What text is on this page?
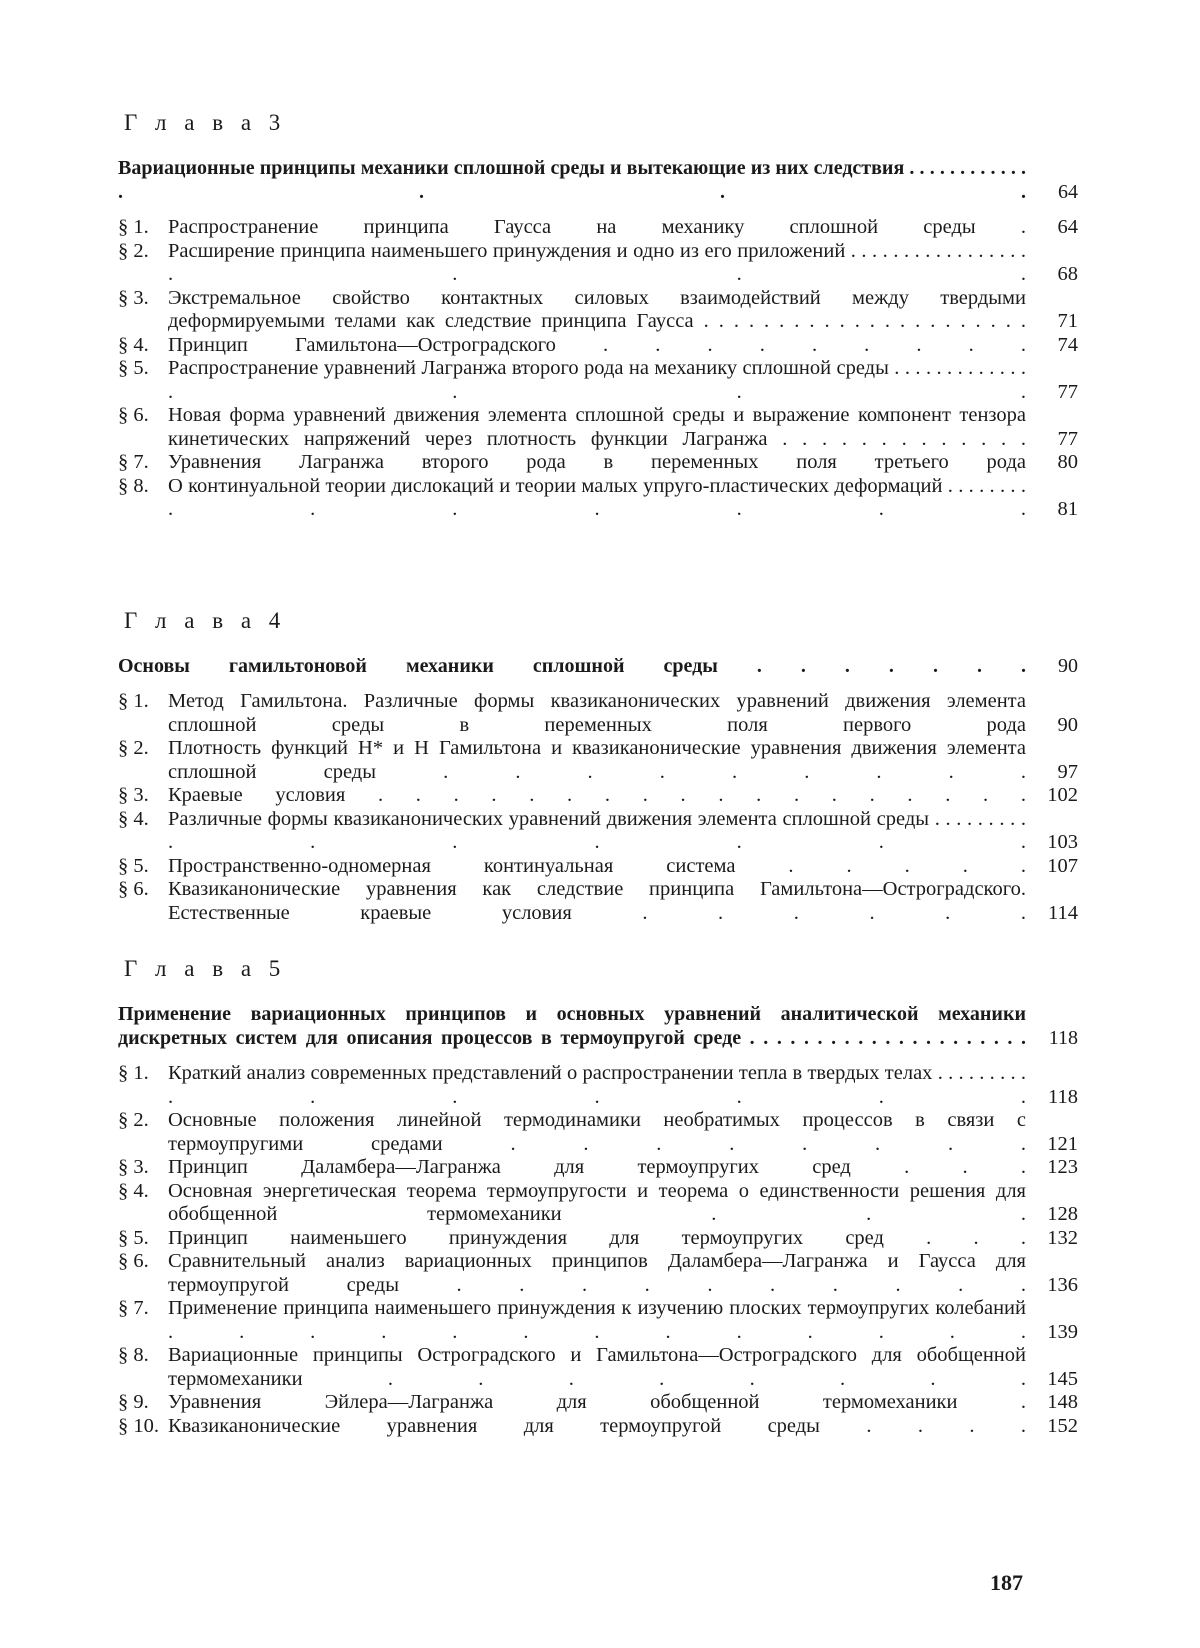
Г л а в а 3
Вариационные принципы механики сплошной среды и вытекающие из них следствия . . . . . . . . . . . . . . . .	64
§ 1. Распространение принципа Гаусса на механику сплошной среды .	64
§ 2. Расширение принципа наименьшего принуждения и одно из его приложений . . . . . . . . . . . . . . . . . . . . .	68
§ 3. Экстремальное свойство контактных силовых взаимодействий между твердыми деформируемыми телами как следствие принципа Гаусса . . . . . . . . . . . . . . . . . . . . . .	71
§ 4. Принцип Гамильтона—Остроградского . . . . . . . . .	74
§ 5. Распространение уравнений Лагранжа второго рода на механику сплошной среды . . . . . . . . . . . . . . . . .	77
§ 6. Новая форма уравнений движения элемента сплошной среды и выражение компонент тензора кинетических напряжений через плотность функции Лагранжа . . . . . . . . . . . . .	77
§ 7. Уравнения Лагранжа второго рода в переменных поля третьего рода	80
§ 8. О континуальной теории дислокаций и теории малых упруго-пластических деформаций . . . . . . . . . . . . . . .	81
Г л а в а 4
Основы гамильтоновой механики сплошной среды . . . . . . .	90
§ 1. Метод Гамильтона. Различные формы квазиканонических уравнений движения элемента сплошной среды в переменных поля первого рода	90
§ 2. Плотность функций H* и H Гамильтона и квазиканонические уравнения движения элемента сплошной среды . . . . . . . . .	97
§ 3. Краевые условия . . . . . . . . . . . . . . . . . .	102
§ 4. Различные формы квазиканонических уравнений движения элемента сплошной среды . . . . . . . . . . . . . . . .	103
§ 5. Пространственно-одномерная континуальная система . . . . .	107
§ 6. Квазиканонические уравнения как следствие принципа Гамильтона—Остроградского. Естественные краевые условия . . . . . .	114
Г л а в а 5
Применение вариационных принципов и основных уравнений аналитической механики дискретных систем для описания процессов в термоупругой среде . . . . . . . . . . . . . . . . . . . . .	118
§ 1. Краткий анализ современных представлений о распространении тепла в твердых телах . . . . . . . . . . . . . . . .	118
§ 2. Основные положения линейной термодинамики необратимых процессов в связи с термоупругими средами . . . . . . . .	121
§ 3. Принцип Даламбера—Лагранжа для термоупругих сред . . .	123
§ 4. Основная энергетическая теорема термоупругости и теорема о единственности решения для обобщенной термомеханики . . .	128
§ 5. Принцип наименьшего принуждения для термоупругих сред . . .	132
§ 6. Сравнительный анализ вариационных принципов Даламбера—Лагранжа и Гаусса для термоупругой среды . . . . . . . . . .	136
§ 7. Применение принципа наименьшего принуждения к изучению плоских термоупругих колебаний . . . . . . . . . . . . .	139
§ 8. Вариационные принципы Остроградского и Гамильтона—Остроградского для обобщенной термомеханики . . . . . . . .	145
§ 9. Уравнения Эйлера—Лагранжа для обобщенной термомеханики .	148
§ 10. Квазиканонические уравнения для термоупругой среды . . . .	152
187
